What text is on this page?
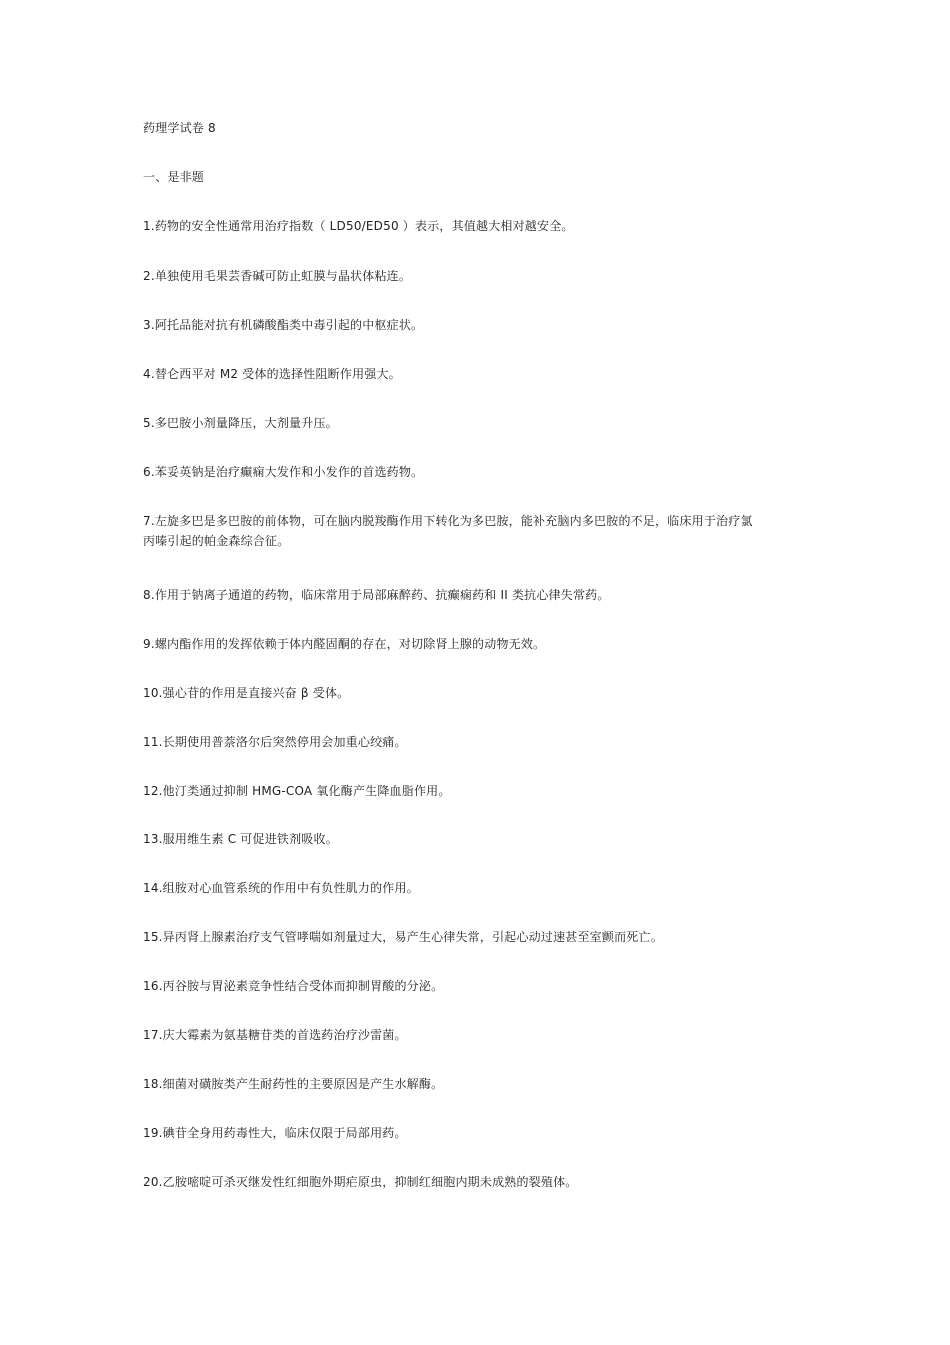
药理学试卷 8
一、是非题
1.药物的安全性通常用治疗指数（ LD50/ED50 ）表示，其值越大相对越安全。
2.单独使用毛果芸香碱可防止虹膜与晶状体粘连。
3.阿托品能对抗有机磷酸酯类中毒引起的中枢症状。
4.替仑西平对 M2 受体的选择性阻断作用强大。
5.多巴胺小剂量降压，大剂量升压。
6.苯妥英钠是治疗癫痫大发作和小发作的首选药物。
7.左旋多巴是多巴胺的前体物，可在脑内脱羧酶作用下转化为多巴胺，能补充脑内多巴胺的不足，临床用于治疗氯丙嗪引起的帕金森综合征。
8.作用于钠离子通道的药物，临床常用于局部麻醉药、抗癫痫药和 II 类抗心律失常药。
9.螺内酯作用的发挥依赖于体内醛固酮的存在，对切除肾上腺的动物无效。
10.强心苷的作用是直接兴奋 β 受体。
11.长期使用普萘洛尔后突然停用会加重心绞痛。
12.他汀类通过抑制 HMG-COA 氧化酶产生降血脂作用。
13.服用维生素 C 可促进铁剂吸收。
14.组胺对心血管系统的作用中有负性肌力的作用。
15.异丙肾上腺素治疗支气管哮喘如剂量过大，易产生心律失常，引起心动过速甚至室颤而死亡。
16.丙谷胺与胃泌素竞争性结合受体而抑制胃酸的分泌。
17.庆大霉素为氨基糖苷类的首选药治疗沙雷菌。
18.细菌对磺胺类产生耐药性的主要原因是产生水解酶。
19.碘苷全身用药毒性大，临床仅限于局部用药。
20.乙胺嘧啶可杀灭继发性红细胞外期疟原虫，抑制红细胞内期未成熟的裂殖体。
